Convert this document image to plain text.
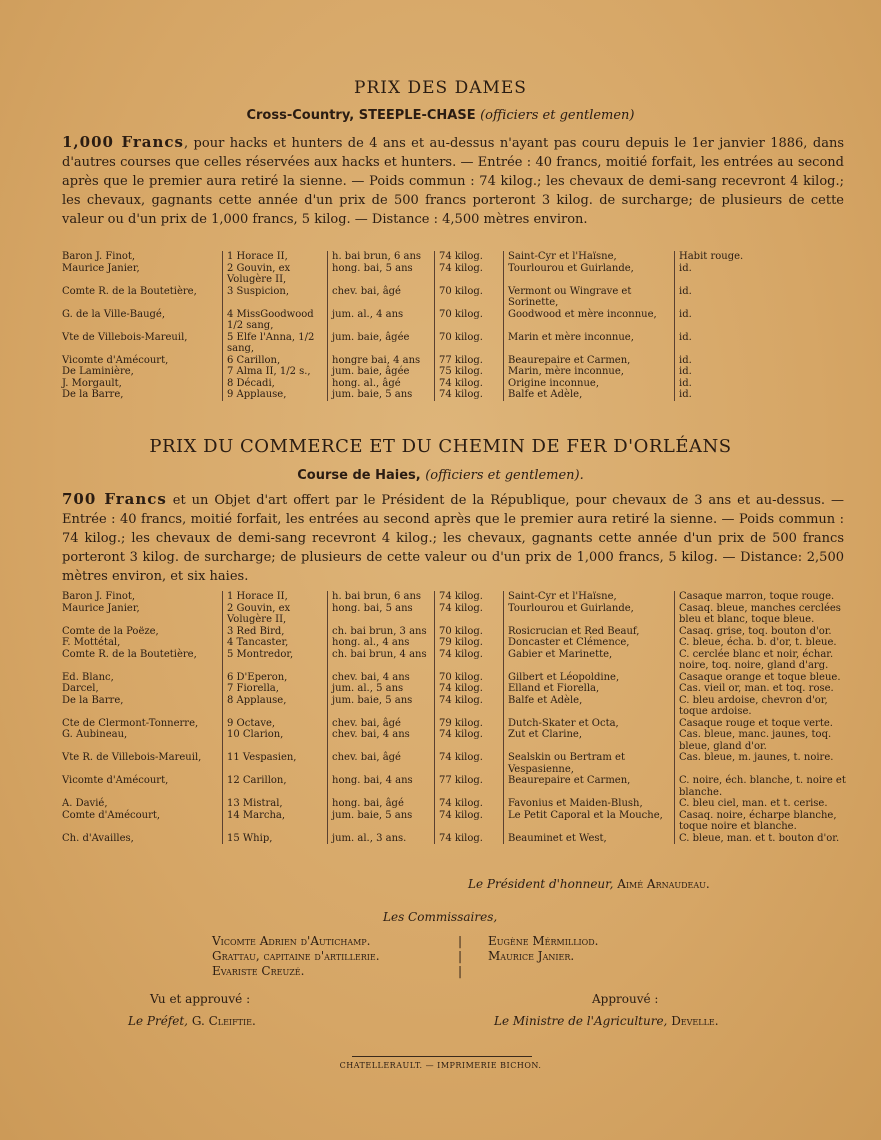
PRIX DES DAMES
Cross-Country, STEEPLE-CHASE (officiers et gentlemen)
1,000 Francs, pour hacks et hunters de 4 ans et au-dessus n'ayant pas couru depuis le 1er janvier 1886, dans d'autres courses que celles réservées aux hacks et hunters. — Entrée : 40 francs, moitié forfait, les entrées au second après que le premier aura retiré la sienne. — Poids commun : 74 kilog.; les chevaux de demi-sang recevront 4 kilog.; les chevaux, gagnants cette année d'un prix de 500 francs porteront 3 kilog. de surcharge; de plusieurs de cette valeur ou d'un prix de 1,000 francs, 5 kilog. — Distance : 4,500 mètres environ.
Baron J. Finot,	1 Horace II,	h. bai brun, 6 ans	74 kilog.	Saint-Cyr et l'Haïsne,	Habit rouge.
Maurice Janier,	2 Gouvin, ex Volugère II,	hong. bai, 5 ans	74 kilog.	Tourlourou et Guirlande,	id.
Comte R. de la Boutetière,	3 Suspicion,	chev. bai, âgé	70 kilog.	Vermont ou Wingrave et Sorinette,	id.
G. de la Ville-Baugé,	4 MissGoodwood 1/2 sang,	jum. al., 4 ans	70 kilog.	Goodwood et mère inconnue,	id.
Vte de Villebois-Mareuil,	5 Elfe l'Anna, 1/2 sang,	jum. baie, âgée	70 kilog.	Marin et mère inconnue,	id.
Vicomte d'Amécourt,	6 Carillon,	hongre bai, 4 ans	77 kilog.	Beaurepaire et Carmen,	id.
De Laminière,	7 Alma II, 1/2 s.,	jum. baie, âgée	75 kilog.	Marin, mère inconnue,	id.
J. Morgault,	8 Décadi,	hong. al., âgé	74 kilog.	Origine inconnue,	id.
De la Barre,	9 Applause,	jum. baie, 5 ans	74 kilog.	Balfe et Adèle,	id.
PRIX DU COMMERCE ET DU CHEMIN DE FER D'ORLÉANS
Course de Haies, (officiers et gentlemen).
700 Francs et un Objet d'art offert par le Président de la République, pour chevaux de 3 ans et au-dessus. — Entrée : 40 francs, moitié forfait, les entrées au second après que le premier aura retiré la sienne. — Poids commun : 74 kilog.; les chevaux de demi-sang recevront 4 kilog.; les chevaux, gagnants cette année d'un prix de 500 francs porteront 3 kilog. de surcharge; de plusieurs de cette valeur ou d'un prix de 1,000 francs, 5 kilog. — Distance: 2,500 mètres environ, et six haies.
Baron J. Finot,	1 Horace II,	h. bai brun, 6 ans	74 kilog.	Saint-Cyr et l'Haïsne,	Casaque marron, toque rouge.
Maurice Janier,	2 Gouvin, ex Volugère II,	hong. bai, 5 ans	74 kilog.	Tourlourou et Guirlande,	Casaq. bleue, manches cerclées bleu et blanc, toque bleue.
Comte de la Poëze,	3 Red Bird,	ch. bai brun, 3 ans	70 kilog.	Rosicrucian et Red Beauf,	Casaq. grise, toq. bouton d'or.
F. Mottétal,	4 Tancaster,	hong. al., 4 ans	79 kilog.	Doncaster et Clémence,	C. bleue, écha. b. d'or, t. bleue.
Comte R. de la Boutetière,	5 Montredor,	ch. bai brun, 4 ans	74 kilog.	Gabier et Marinette,	C. cerclée blanc et noir, échar. noire, toq. noire, gland d'arg.
Ed. Blanc,	6 D'Eperon,	chev. bai, 4 ans	70 kilog.	Gilbert et Léopoldine,	Casaque orange et toque bleue.
Darcel,	7 Fiorella,	jum. al., 5 ans	74 kilog.	Elland et Fiorella,	Cas. vieil or, man. et toq. rose.
De la Barre,	8 Applause,	jum. baie, 5 ans	74 kilog.	Balfe et Adèle,	C. bleu ardoise, chevron d'or, toque ardoise.
Cte de Clermont-Tonnerre,	9 Octave,	chev. bai, âgé	79 kilog.	Dutch-Skater et Octa,	Casaque rouge et toque verte.
G. Aubineau,	10 Clarion,	chev. bai, 4 ans	74 kilog.	Zut et Clarine,	Cas. bleue, manc. jaunes, toq. bleue, gland d'or.
Vte R. de Villebois-Mareuil,	11 Vespasien,	chev. bai, âgé	74 kilog.	Sealskin ou Bertram et Vespasienne,	Cas. bleue, m. jaunes, t. noire.
Vicomte d'Amécourt,	12 Carillon,	hong. bai, 4 ans	77 kilog.	Beaurepaire et Carmen,	C. noire, éch. blanche, t. noire et blanche.
A. Davié,	13 Mistral,	hong. bai, âgé	74 kilog.	Favonius et Maiden-Blush,	C. bleu ciel, man. et t. cerise.
Comte d'Amécourt,	14 Marcha,	jum. baie, 5 ans	74 kilog.	Le Petit Caporal et la Mouche,	Casaq. noire, écharpe blanche, toque noire et blanche.
Ch. d'Availles,	15 Whip,	jum. al., 3 ans.	74 kilog.	Beauminet et West,	C. bleue, man. et t. bouton d'or.
Le Président d'honneur, Aimé Arnaudeau.
Les Commissaires,
Vicomte Adrien d'Autichamp.
Grattau, capitaine d'artillerie.
Evariste Creuzé.
|
|
|
Eugène Mérmilliod.
Maurice Janier.
Vu et approuvé :
Le Préfet, G. Cleiftie.
Approuvé :
Le Ministre de l'Agriculture, Develle.
CHATELLERAULT. — IMPRIMERIE BICHON.
